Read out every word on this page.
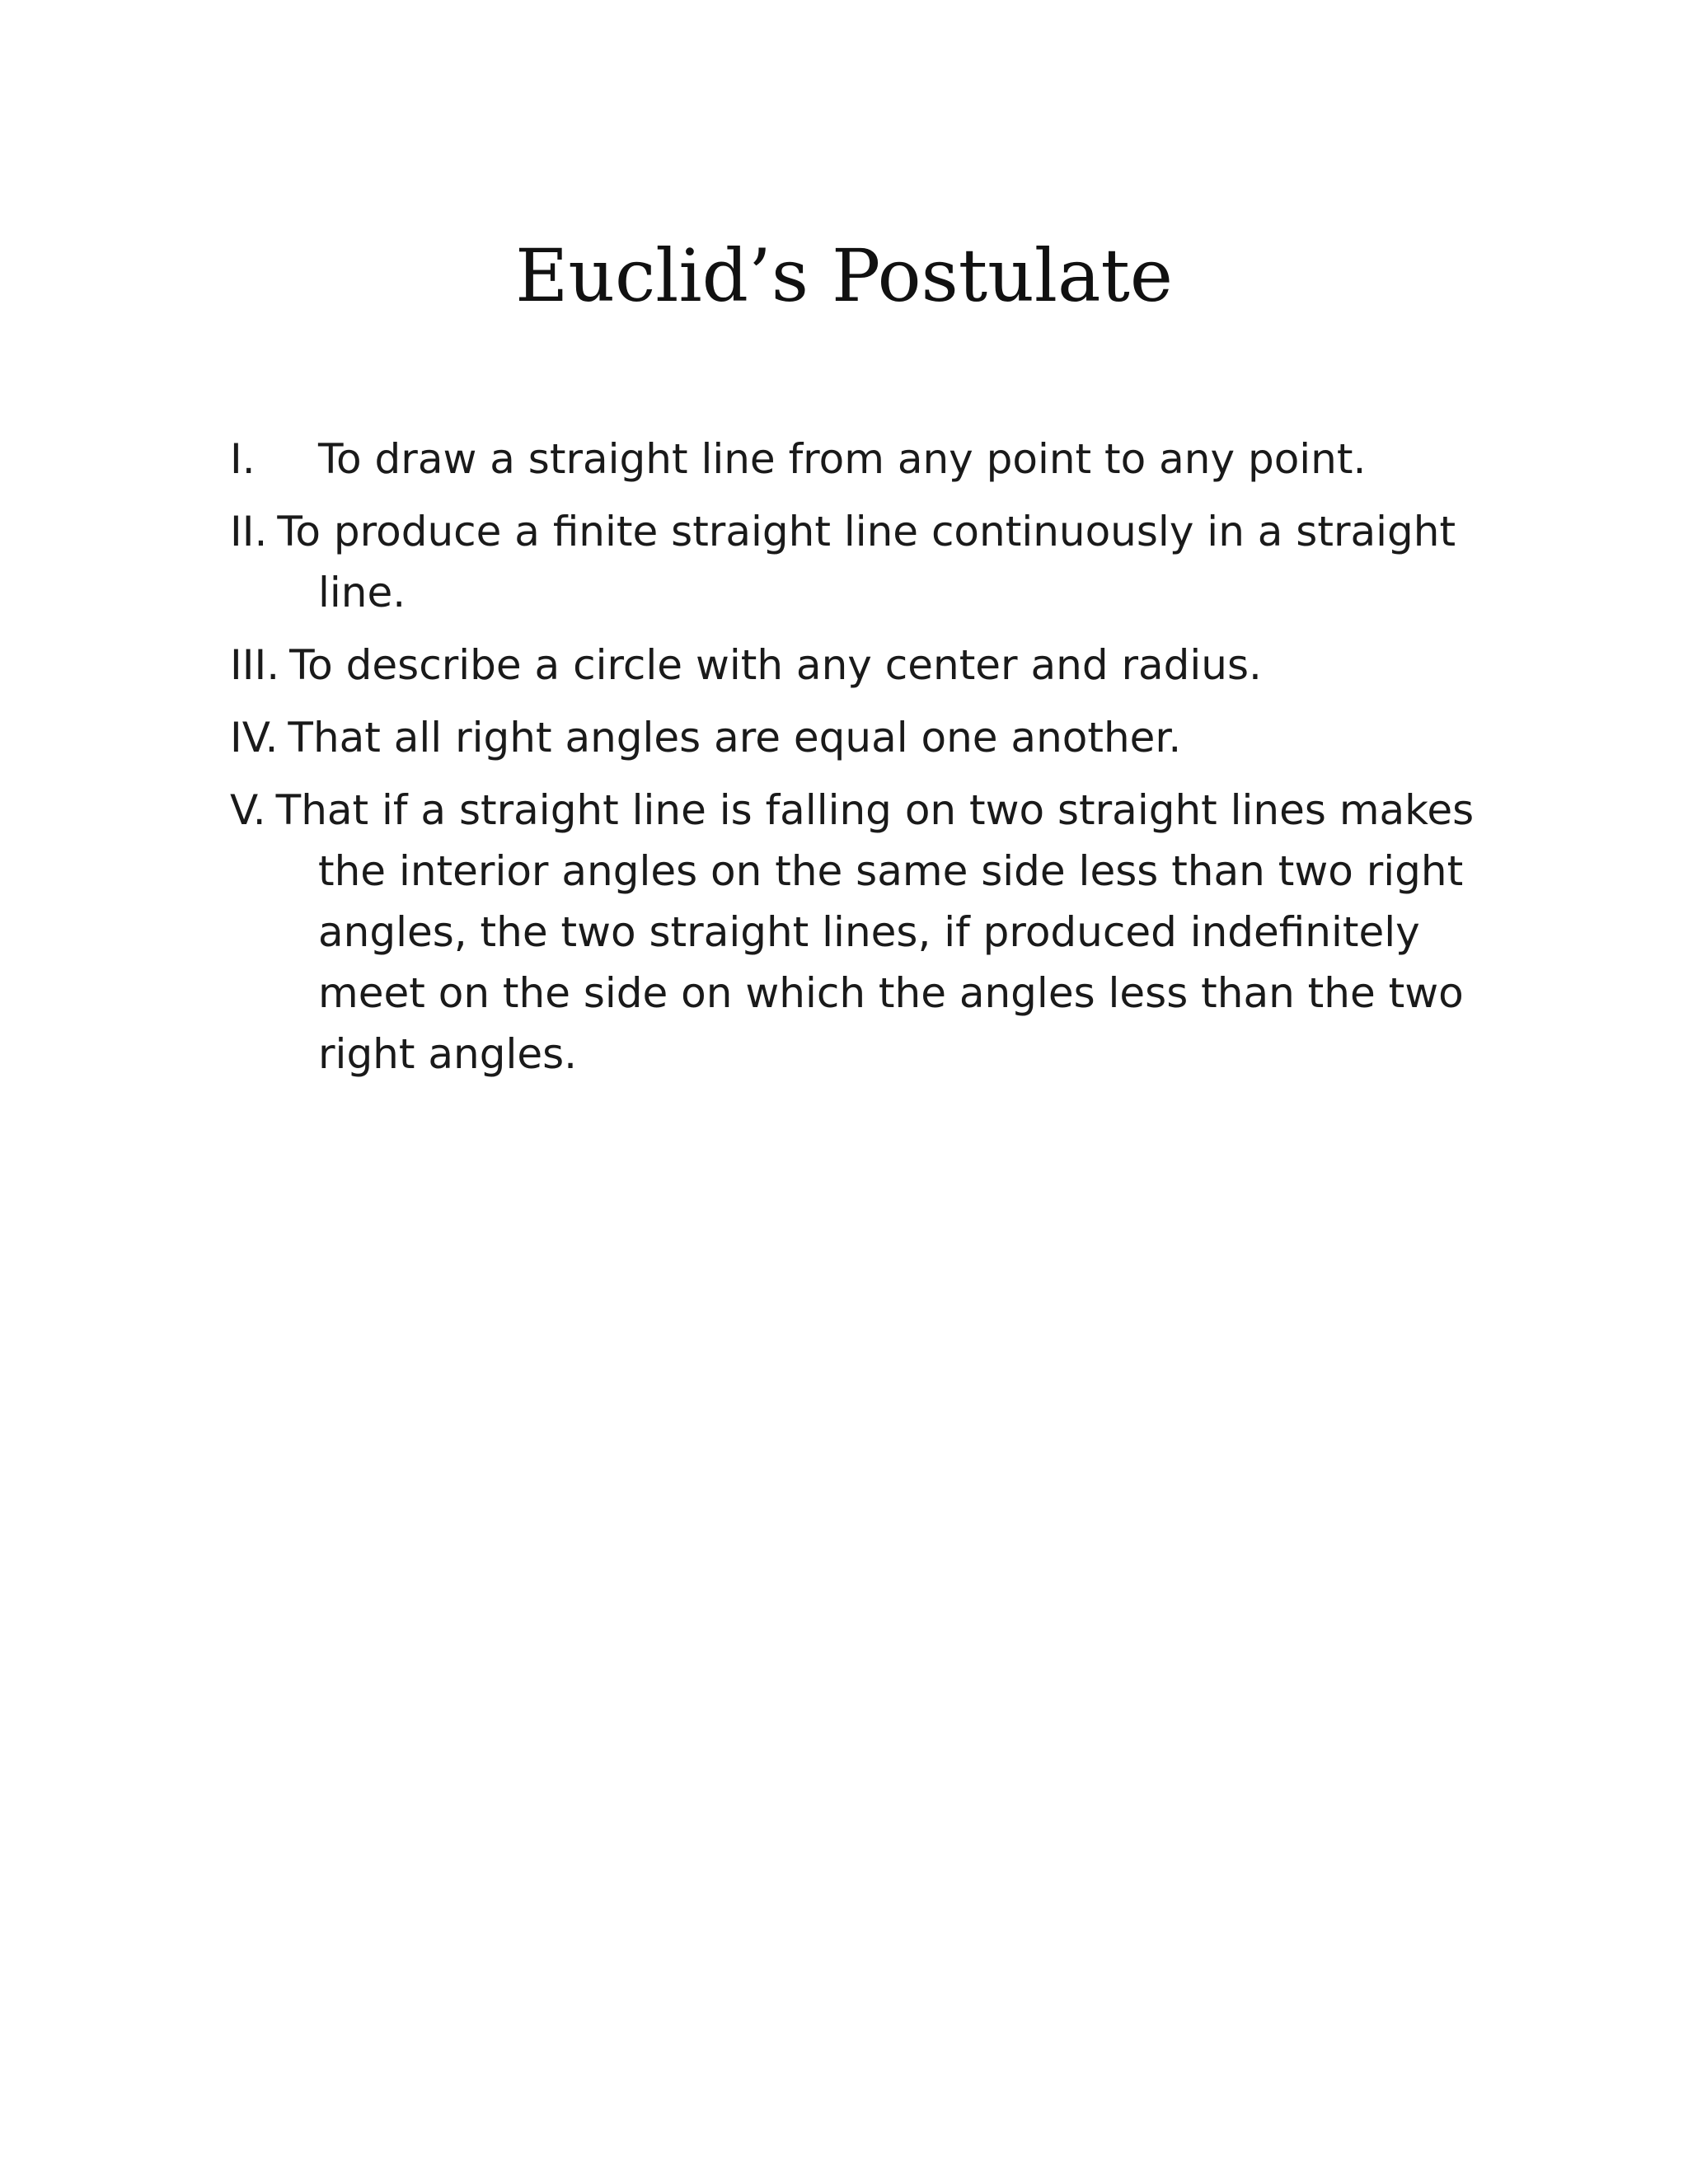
Euclid’s Postulate
I. To draw a straight line from any point to any point.
II. To produce a finite straight line continuously in a straight line.
III. To describe a circle with any center and radius.
IV. That all right angles are equal one another.
V. That if a straight line is falling on two straight lines makes the interior angles on the same side less than two right angles, the two straight lines, if produced indefinitely meet on the side on which the angles less than the two right angles.
